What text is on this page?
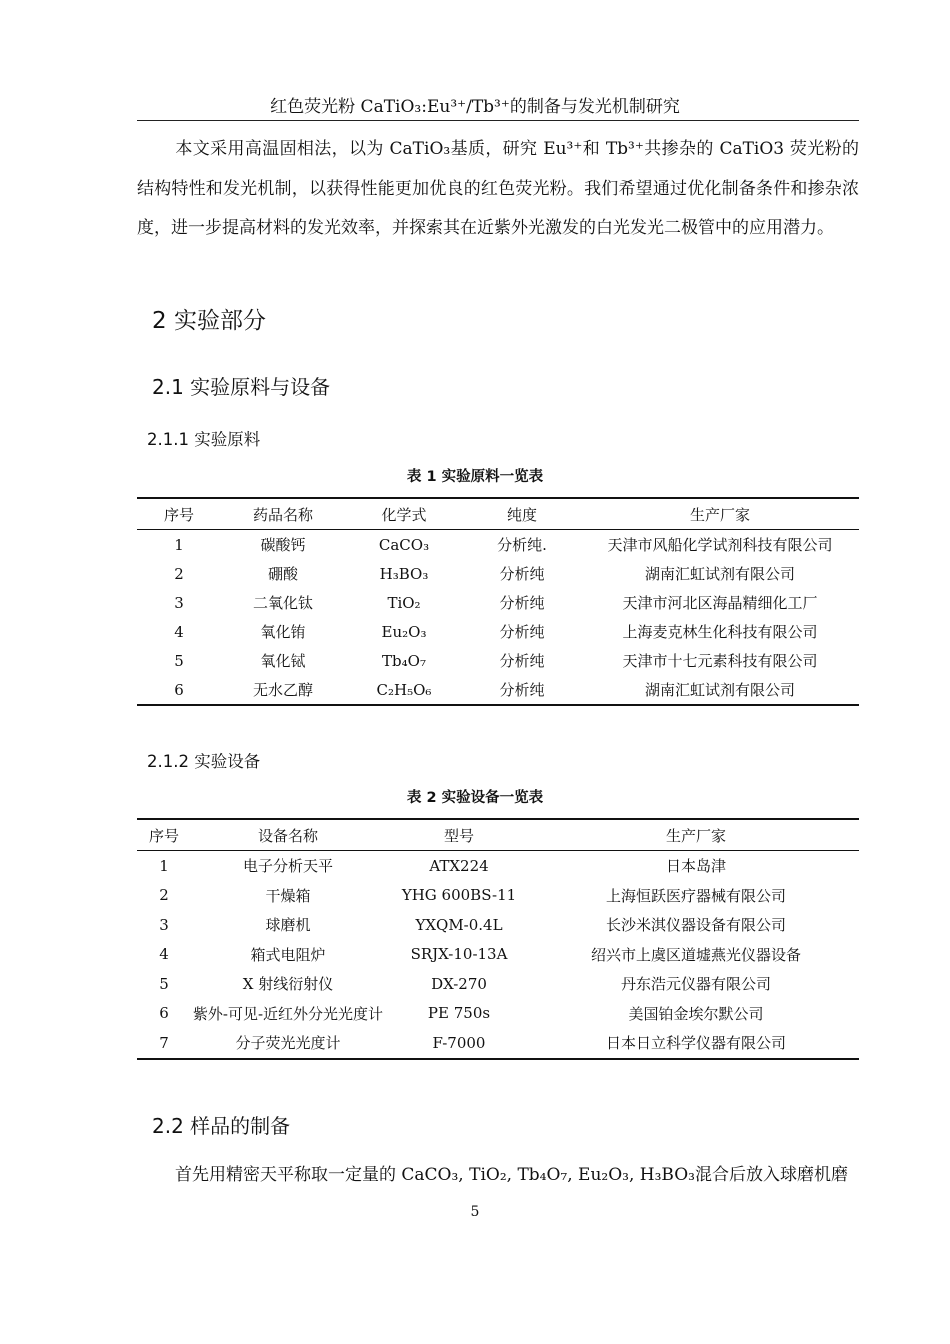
红色荧光粉 CaTiO₃:Eu³⁺/Tb³⁺的制备与发光机制研究
本文采用高温固相法，以为 CaTiO₃基质，研究 Eu³⁺和 Tb³⁺共掺杂的 CaTiO3 荧光粉的结构特性和发光机制，以获得性能更加优良的红色荧光粉。我们希望通过优化制备条件和掺杂浓度，进一步提高材料的发光效率，并探索其在近紫外光激发的白光发光二极管中的应用潜力。
2 实验部分
2.1 实验原料与设备
2.1.1 实验原料
表 1 实验原料一览表
序号	药品名称	化学式	纯度	生产厂家
1	碳酸钙	CaCO₃	分析纯.	天津市风船化学试剂科技有限公司
2	硼酸	H₃BO₃	分析纯	湖南汇虹试剂有限公司
3	二氧化钛	TiO₂	分析纯	天津市河北区海晶精细化工厂
4	氧化铕	Eu₂O₃	分析纯	上海麦克林生化科技有限公司
5	氧化铽	Tb₄O₇	分析纯	天津市十七元素科技有限公司
6	无水乙醇	C₂H₅O₆	分析纯	湖南汇虹试剂有限公司
2.1.2 实验设备
表 2 实验设备一览表
序号	设备名称	型号	生产厂家
1	电子分析天平	ATX224	日本岛津
2	干燥箱	YHG 600BS-11	上海恒跃医疗器械有限公司
3	球磨机	YXQM-0.4L	长沙米淇仪器设备有限公司
4	箱式电阻炉	SRJX-10-13A	绍兴市上虞区道墟燕光仪器设备
5	X 射线衍射仪	DX-270	丹东浩元仪器有限公司
6	紫外-可见-近红外分光光度计	PE 750s	美国铂金埃尔默公司
7	分子荧光光度计	F-7000	日本日立科学仪器有限公司
2.2 样品的制备
首先用精密天平称取一定量的 CaCO₃, TiO₂, Tb₄O₇, Eu₂O₃, H₃BO₃混合后放入球磨机磨
5
